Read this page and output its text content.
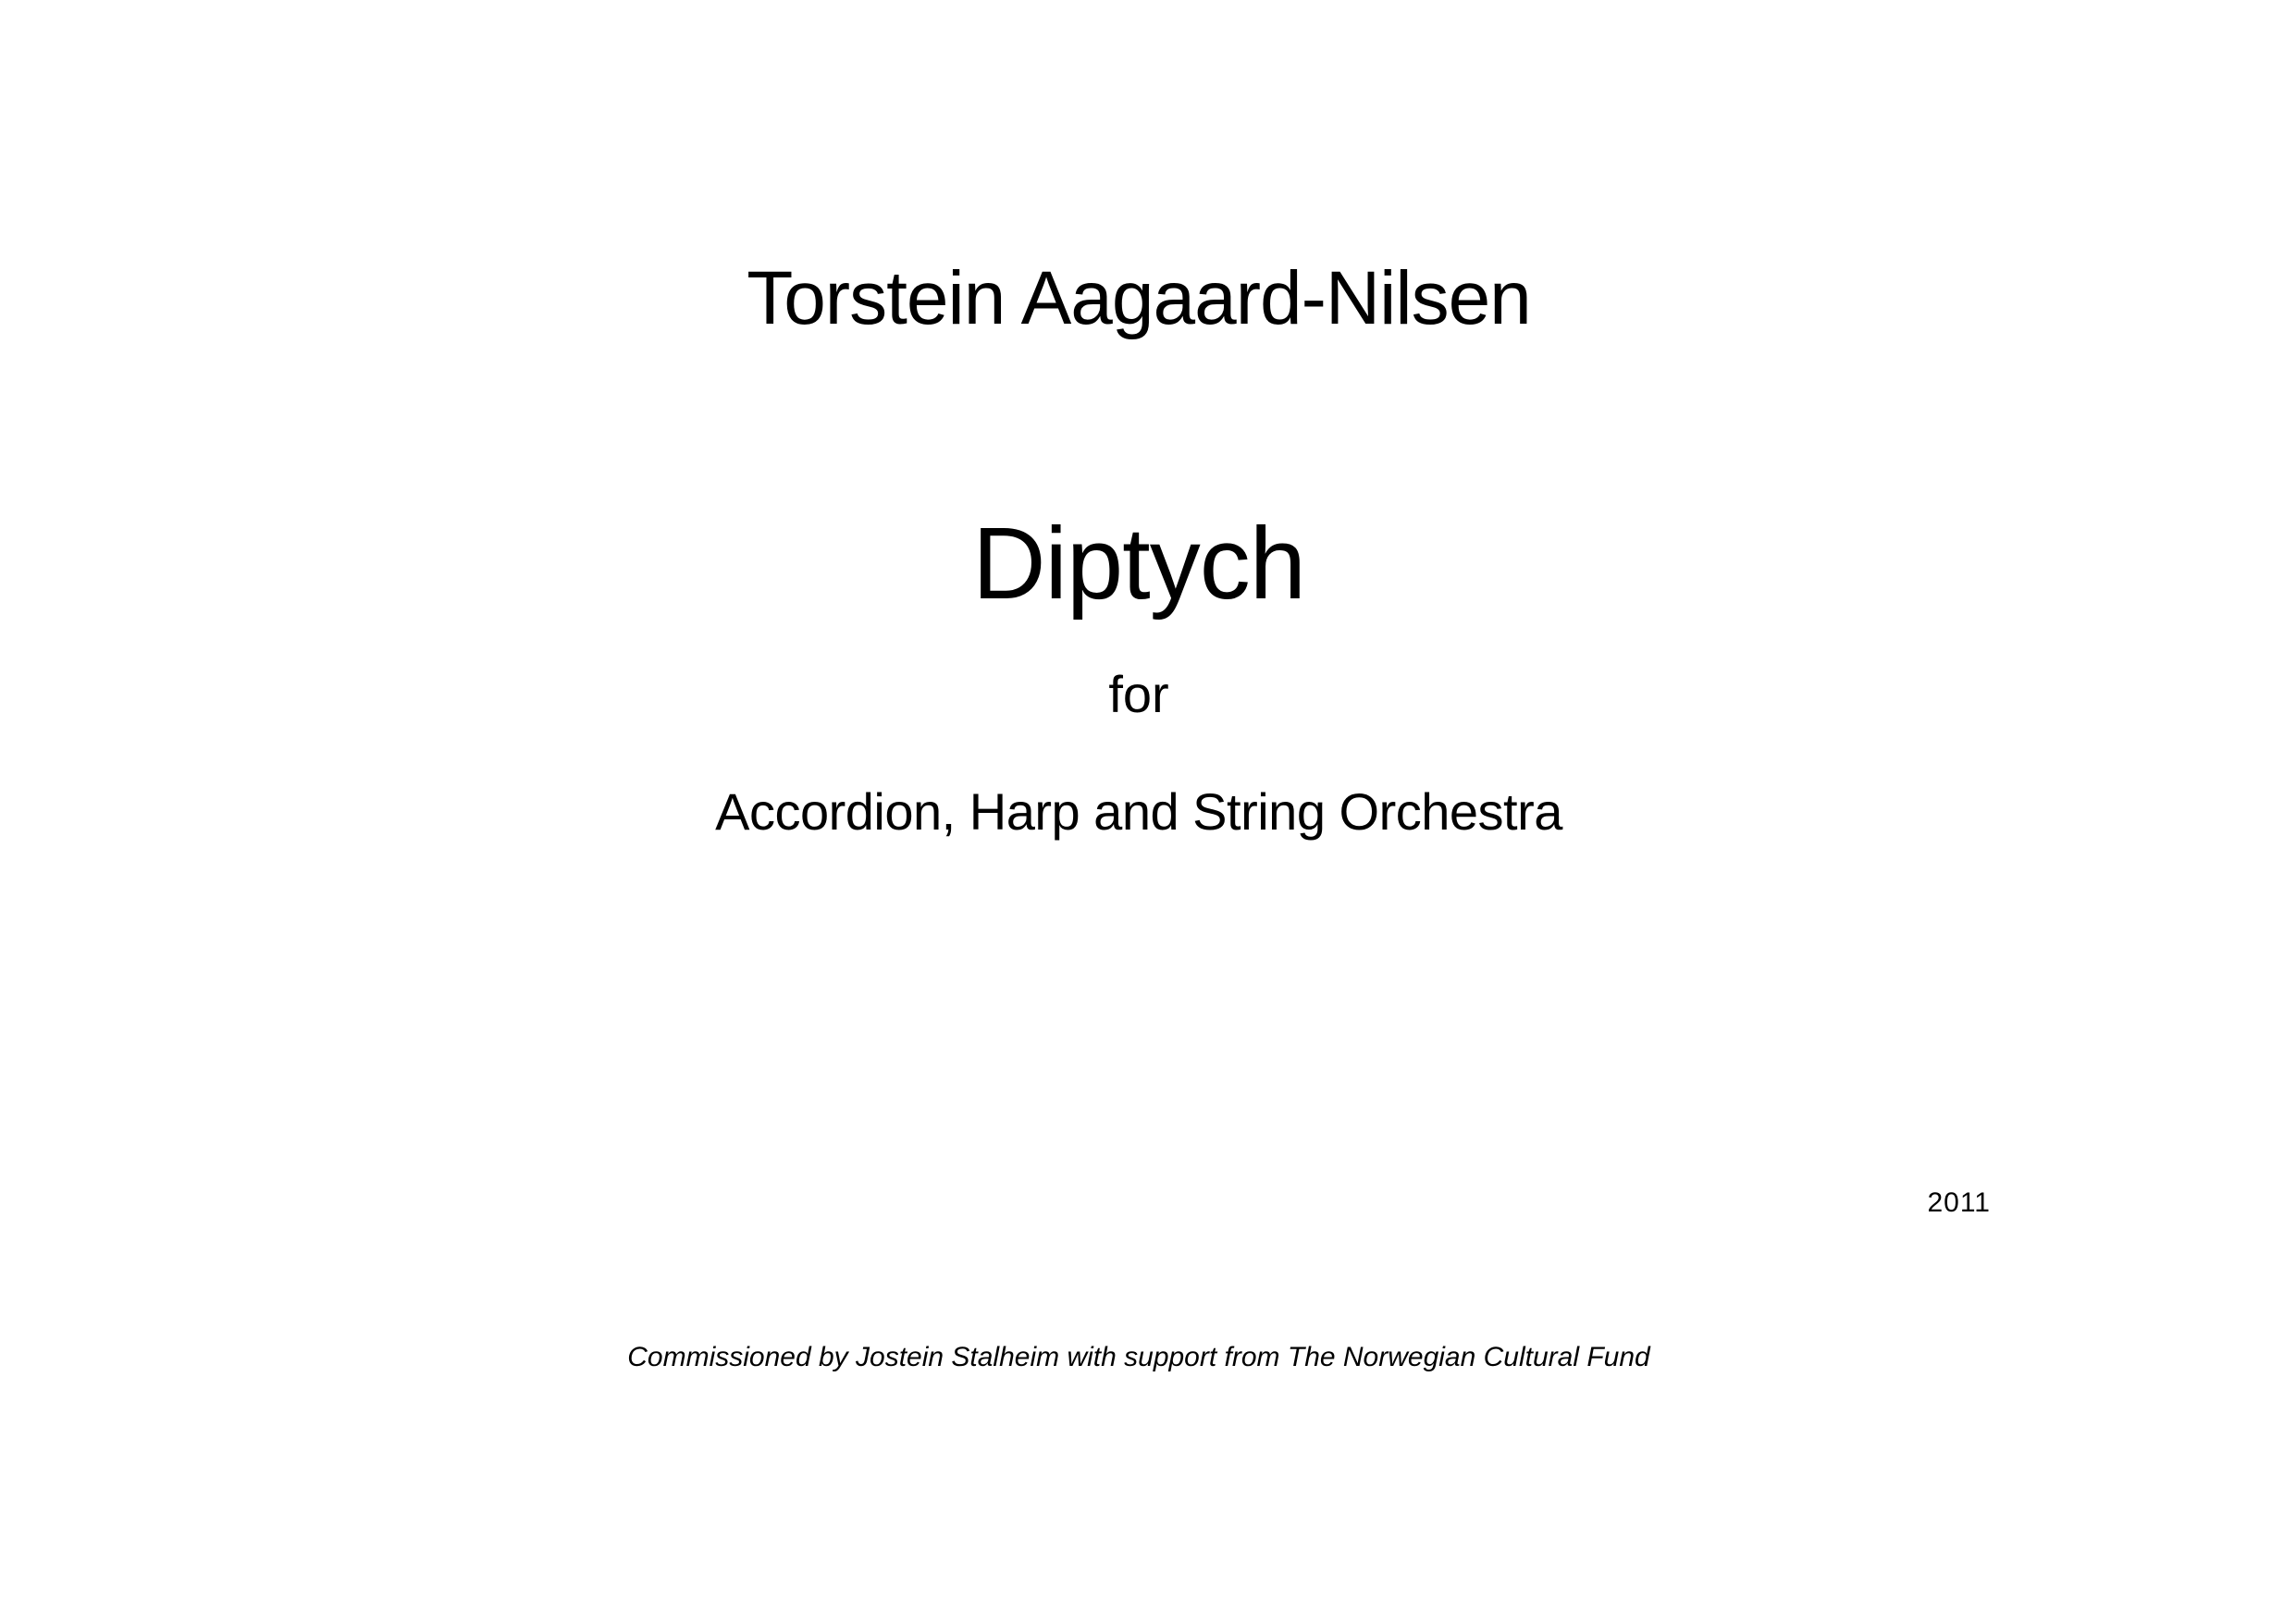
Torstein Aagaard-Nilsen
Diptych
for
Accordion, Harp and String Orchestra
2011
Commissioned by Jostein Stalheim with support from The Norwegian Cultural Fund
